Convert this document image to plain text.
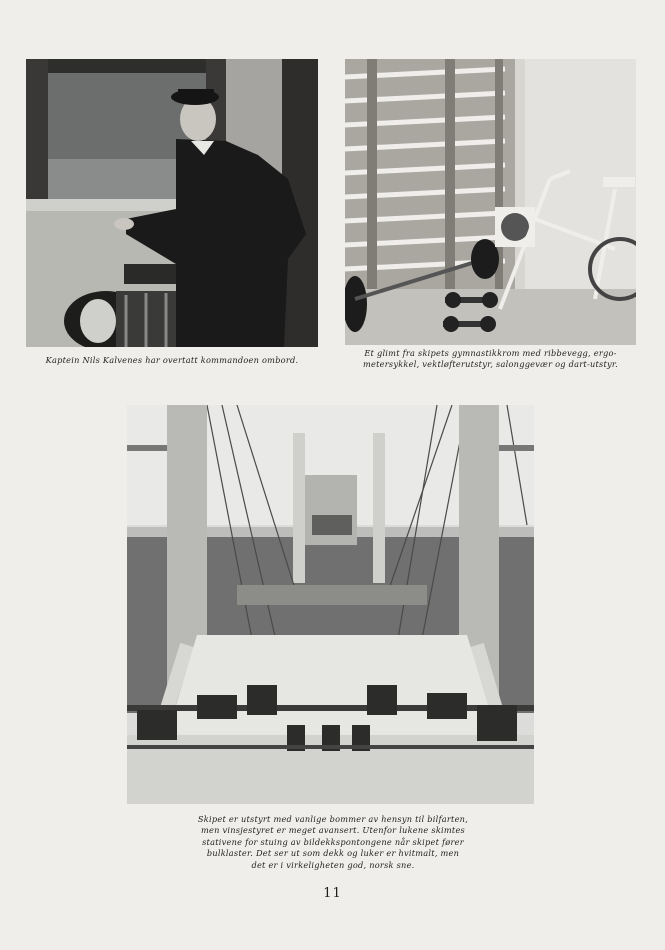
Kaptein Nils Kalvenes har overtatt kommandoen ombord.
Et glimt fra skipets gymnastikkrom med ribbevegg, ergo-
metersykkel, vektløfterutstyr, salonggevær og dart-utstyr.
Skipet er utstyrt med vanlige bommer av hensyn til bilfarten,
men vinsjestyret er meget avansert. Utenfor lukene skimtes
stativene for stuing av bildekkspontongene når skipet fører
bulklaster. Det ser ut som dekk og luker er hvitmalt, men
det er i virkeligheten god, norsk sne.
11
